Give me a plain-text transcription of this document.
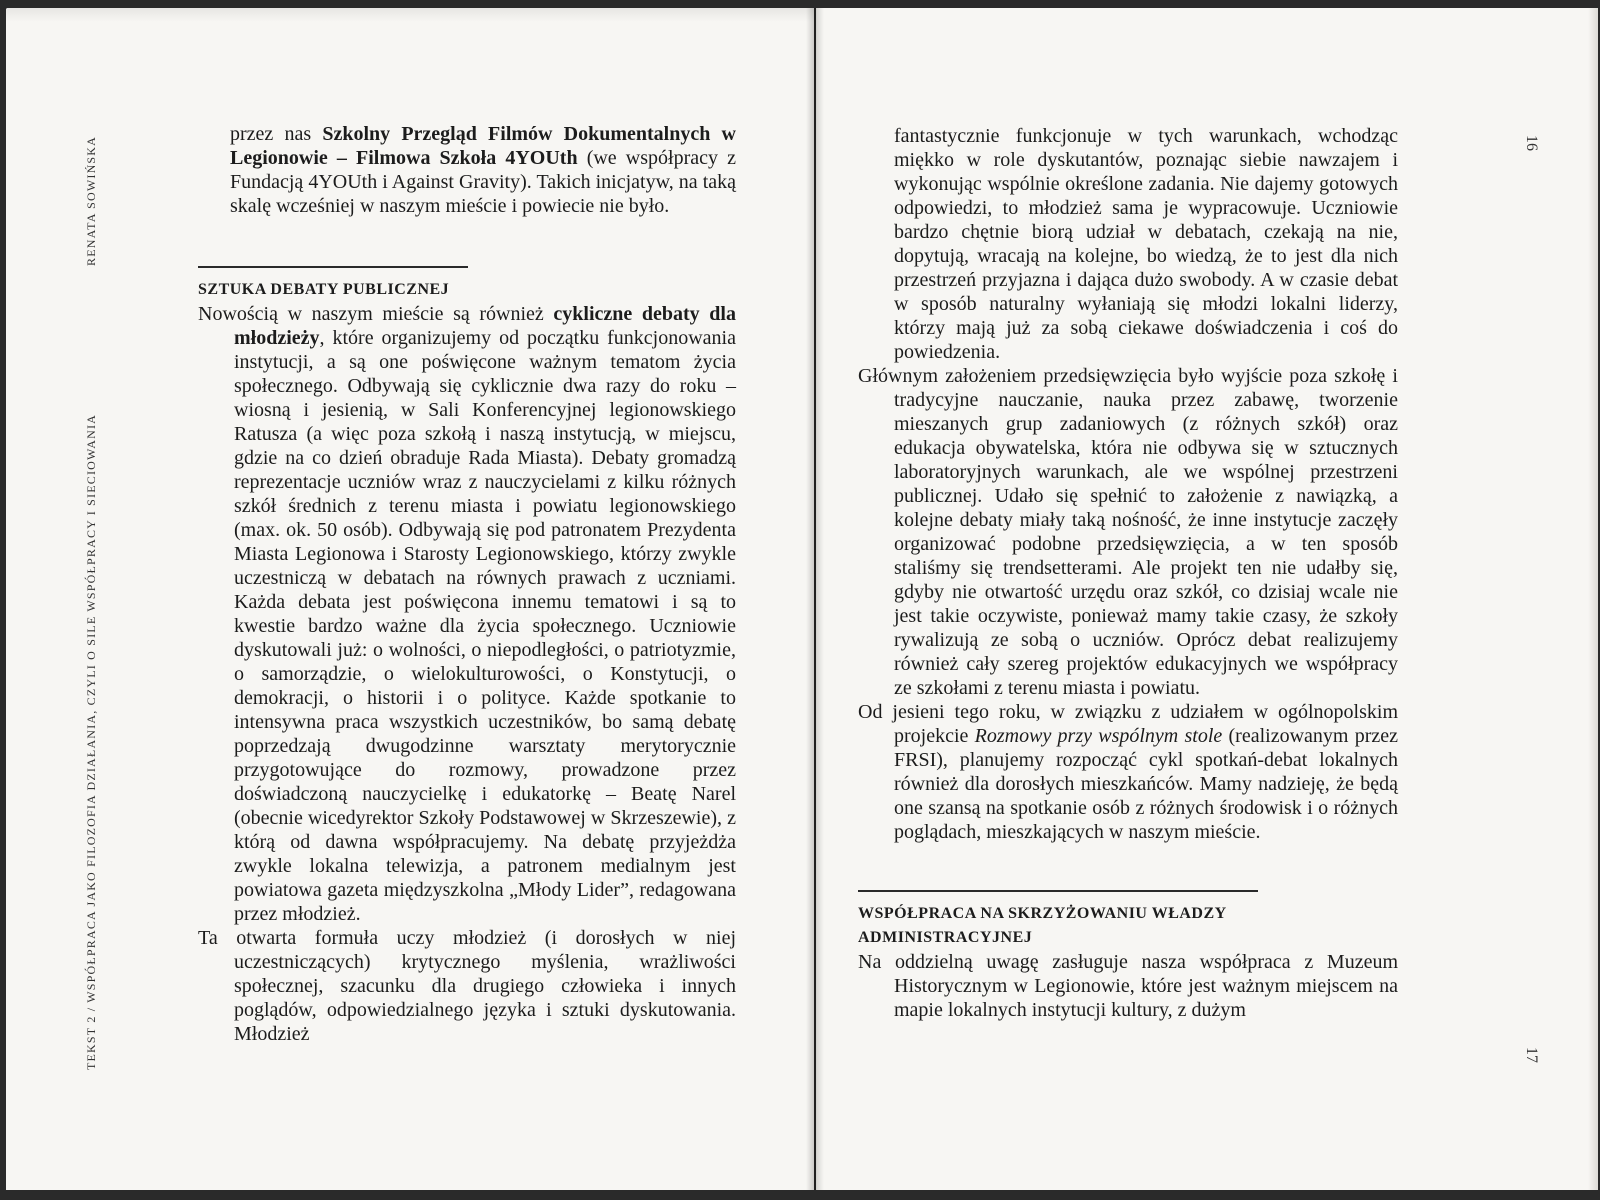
RENATA SOWIŃSKA
TEKST 2 / WSPÓŁPRACA JAKO FILOZOFIA DZIAŁANIA, CZYLI O SILE WSPÓŁPRACY I SIECIOWANIA
16
17

przez nas Szkolny Przegląd Filmów Dokumentalnych w Legionowie – Filmowa Szkoła 4YOUth (we współpracy z Fundacją 4YOUth i Against Gravity). Takich inicjatyw, na taką skalę wcześniej w naszym mieście i powiecie nie było.

SZTUKA DEBATY PUBLICZNEJ

Nowością w naszym mieście są również cykliczne debaty dla młodzieży, które organizujemy od początku funkcjonowania instytucji, a są one poświęcone ważnym tematom życia społecznego. Odbywają się cyklicznie dwa razy do roku – wiosną i jesienią, w Sali Konferencyjnej legionowskiego Ratusza (a więc poza szkołą i naszą instytucją, w miejscu, gdzie na co dzień obraduje Rada Miasta). Debaty gromadzą reprezentacje uczniów wraz z nauczycielami z kilku różnych szkół średnich z terenu miasta i powiatu legionowskiego (max. ok. 50 osób). Odbywają się pod patronatem Prezydenta Miasta Legionowa i Starosty Legionowskiego, którzy zwykle uczestniczą w debatach na równych prawach z uczniami. Każda debata jest poświęcona innemu tematowi i są to kwestie bardzo ważne dla życia społecznego. Uczniowie dyskutowali już: o wolności, o niepodległości, o patriotyzmie, o samorządzie, o wielokulturowości, o Konstytucji, o demokracji, o historii i o polityce. Każde spotkanie to intensywna praca wszystkich uczestników, bo samą debatę poprzedzają dwugodzinne warsztaty merytorycznie przygotowujące do rozmowy, prowadzone przez doświadczoną nauczycielkę i edukatorkę – Beatę Narel (obecnie wicedyrektor Szkoły Podstawowej w Skrzeszewie), z którą od dawna współpracujemy. Na debatę przyjeżdża zwykle lokalna telewizja, a patronem medialnym jest powiatowa gazeta międzyszkolna „Młody Lider”, redagowana przez młodzież.

Ta otwarta formuła uczy młodzież (i dorosłych w niej uczestniczących) krytycznego myślenia, wrażliwości społecznej, szacunku dla drugiego człowieka i innych poglądów, odpowiedzialnego języka i sztuki dyskutowania. Młodzież

fantastycznie funkcjonuje w tych warunkach, wchodząc miękko w role dyskutantów, poznając siebie nawzajem i wykonując wspólnie określone zadania. Nie dajemy gotowych odpowiedzi, to młodzież sama je wypracowuje. Uczniowie bardzo chętnie biorą udział w debatach, czekają na nie, dopytują, wracają na kolejne, bo wiedzą, że to jest dla nich przestrzeń przyjazna i dająca dużo swobody. A w czasie debat w sposób naturalny wyłaniają się młodzi lokalni liderzy, którzy mają już za sobą ciekawe doświadczenia i coś do powiedzenia.

Głównym założeniem przedsięwzięcia było wyjście poza szkołę i tradycyjne nauczanie, nauka przez zabawę, tworzenie mieszanych grup zadaniowych (z różnych szkół) oraz edukacja obywatelska, która nie odbywa się w sztucznych laboratoryjnych warunkach, ale we wspólnej przestrzeni publicznej. Udało się spełnić to założenie z nawiązką, a kolejne debaty miały taką nośność, że inne instytucje zaczęły organizować podobne przedsięwzięcia, a w ten sposób staliśmy się trendsetterami. Ale projekt ten nie udałby się, gdyby nie otwartość urzędu oraz szkół, co dzisiaj wcale nie jest takie oczywiste, ponieważ mamy takie czasy, że szkoły rywalizują ze sobą o uczniów. Oprócz debat realizujemy również cały szereg projektów edukacyjnych we współpracy ze szkołami z terenu miasta i powiatu.

Od jesieni tego roku, w związku z udziałem w ogólnopolskim projekcie Rozmowy przy wspólnym stole (realizowanym przez FRSI), planujemy rozpocząć cykl spotkań-debat lokalnych również dla dorosłych mieszkańców. Mamy nadzieję, że będą one szansą na spotkanie osób z różnych środowisk i o różnych poglądach, mieszkających w naszym mieście.

WSPÓŁPRACA NA SKRZYŻOWANIU WŁADZY
ADMINISTRACYJNEJ

Na oddzielną uwagę zasługuje nasza współpraca z Muzeum Historycznym w Legionowie, które jest ważnym miejscem na mapie lokalnych instytucji kultury, z dużym
